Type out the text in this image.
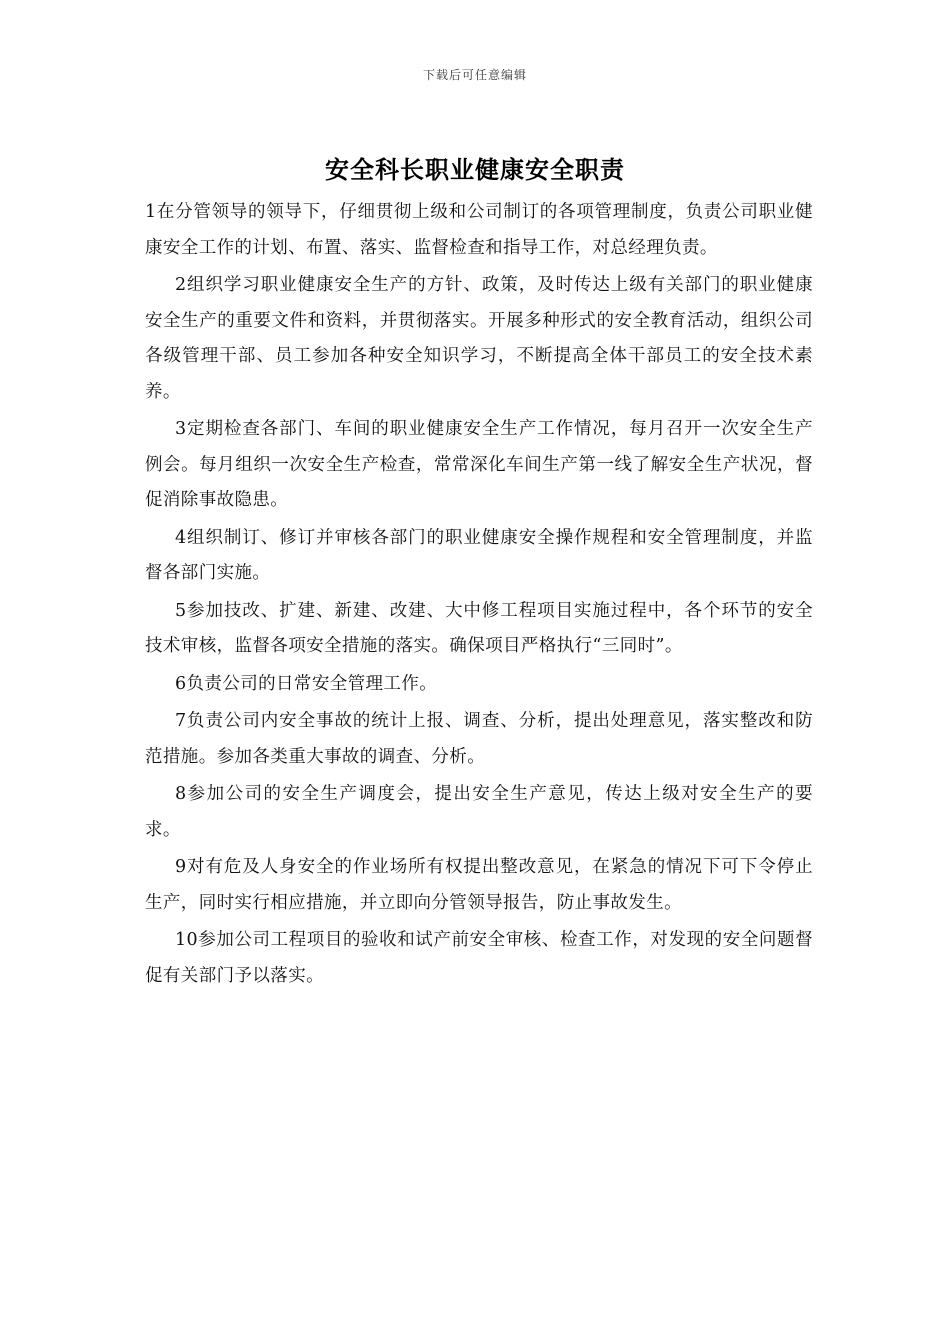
下载后可任意编辑
安全科长职业健康安全职责

1在分管领导的领导下，仔细贯彻上级和公司制订的各项管理制度，负责公司职业健康安全工作的计划、布置、落实、监督检查和指导工作，对总经理负责。

2组织学习职业健康安全生产的方针、政策，及时传达上级有关部门的职业健康安全生产的重要文件和资料，并贯彻落实。开展多种形式的安全教育活动，组织公司各级管理干部、员工参加各种安全知识学习，不断提高全体干部员工的安全技术素养。

3定期检查各部门、车间的职业健康安全生产工作情况，每月召开一次安全生产例会。每月组织一次安全生产检查，常常深化车间生产第一线了解安全生产状况，督促消除事故隐患。

4组织制订、修订并审核各部门的职业健康安全操作规程和安全管理制度，并监督各部门实施。

5参加技改、扩建、新建、改建、大中修工程项目实施过程中，各个环节的安全技术审核，监督各项安全措施的落实。确保项目严格执行“三同时”。

6负责公司的日常安全管理工作。

7负责公司内安全事故的统计上报、调查、分析，提出处理意见，落实整改和防范措施。参加各类重大事故的调查、分析。

8参加公司的安全生产调度会，提出安全生产意见，传达上级对安全生产的要求。

9对有危及人身安全的作业场所有权提出整改意见，在紧急的情况下可下令停止生产，同时实行相应措施，并立即向分管领导报告，防止事故发生。

10参加公司工程项目的验收和试产前安全审核、检查工作，对发现的安全问题督促有关部门予以落实。
